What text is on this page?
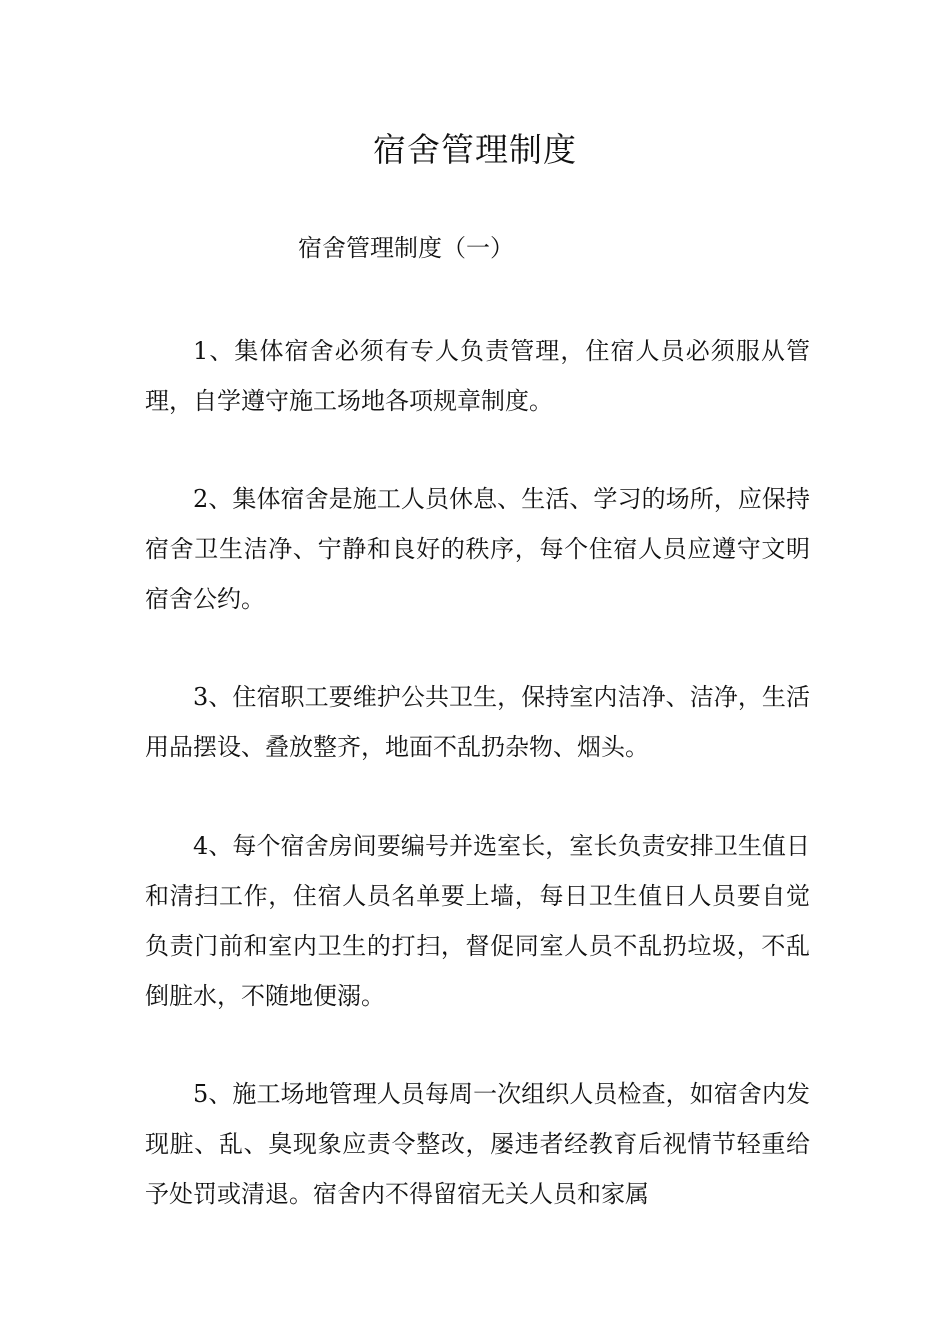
宿舍管理制度
宿舍管理制度（一）

1、集体宿舍必须有专人负责管理，住宿人员必须服从管理，自学遵守施工场地各项规章制度。

2、集体宿舍是施工人员休息、生活、学习的场所，应保持宿舍卫生洁净、宁静和良好的秩序，每个住宿人员应遵守文明宿舍公约。

3、住宿职工要维护公共卫生，保持室内洁净、洁净，生活用品摆设、叠放整齐，地面不乱扔杂物、烟头。

4、每个宿舍房间要编号并选室长，室长负责安排卫生值日和清扫工作，住宿人员名单要上墙，每日卫生值日人员要自觉负责门前和室内卫生的打扫，督促同室人员不乱扔垃圾，不乱倒脏水，不随地便溺。

5、施工场地管理人员每周一次组织人员检查，如宿舍内发现脏、乱、臭现象应责令整改，屡违者经教育后视情节轻重给予处罚或清退。宿舍内不得留宿无关人员和家属
